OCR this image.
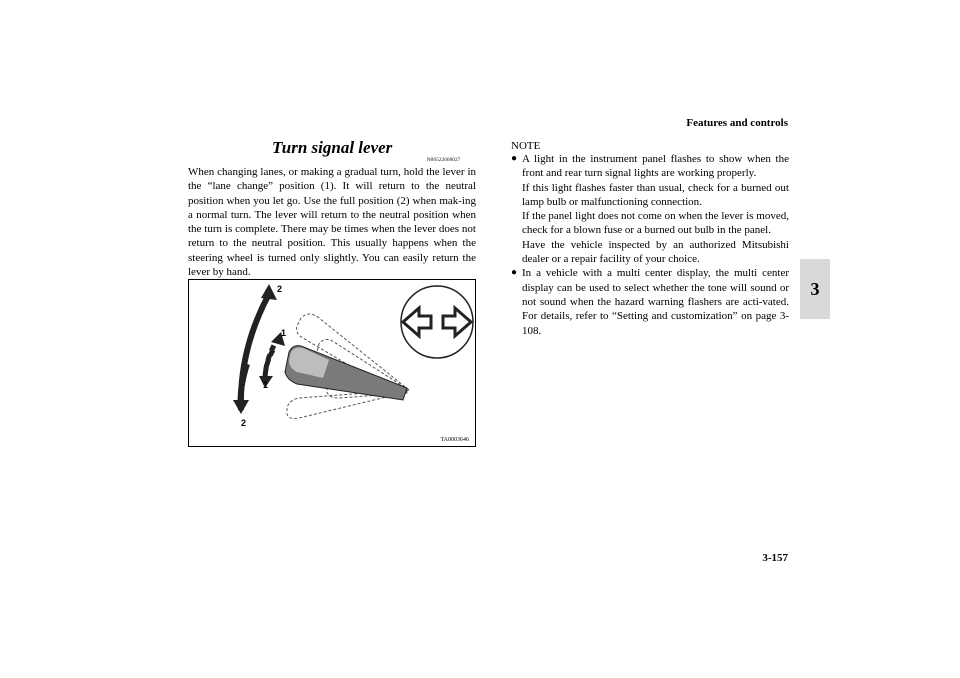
Features and controls
3
3-157
Turn signal lever
N00522600027
When changing lanes, or making a gradual turn, hold the lever in the “lane change” position (1). It will return to the neutral position when you let go. Use the full position (2) when mak-ing a normal turn. The lever will return to the neutral position when the turn is complete. There may be times when the lever does not return to the neutral position. This usually happens when the steering wheel is turned only slightly. You can easily return the lever by hand.
2
1
1
2
TA0003646
NOTE
● A light in the instrument panel flashes to show when the front and rear turn signal lights are working properly.
If this light flashes faster than usual, check for a burned out lamp bulb or malfunctioning connection.
If the panel light does not come on when the lever is moved, check for a blown fuse or a burned out bulb in the panel.
Have the vehicle inspected by an authorized Mitsubishi dealer or a repair facility of your choice.
● In a vehicle with a multi center display, the multi center display can be used to select whether the tone will sound or not sound when the hazard warning flashers are acti-vated. For details, refer to “Setting and customization” on page 3-108.
